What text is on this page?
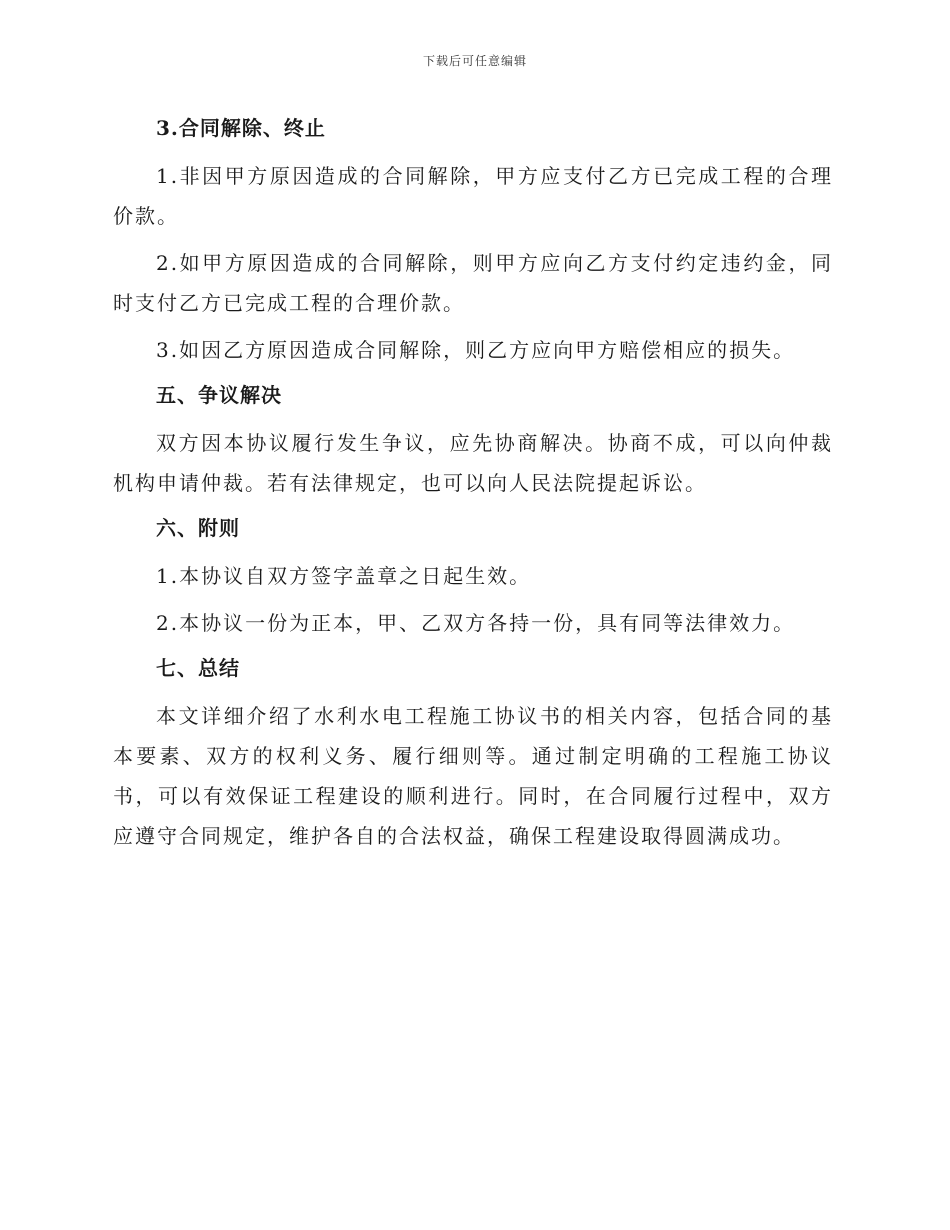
下载后可任意编辑
3.合同解除、终止

1.非因甲方原因造成的合同解除，甲方应支付乙方已完成工程的合理价款。

2.如甲方原因造成的合同解除，则甲方应向乙方支付约定违约金，同时支付乙方已完成工程的合理价款。

3.如因乙方原因造成合同解除，则乙方应向甲方赔偿相应的损失。

五、争议解决

双方因本协议履行发生争议，应先协商解决。协商不成，可以向仲裁机构申请仲裁。若有法律规定，也可以向人民法院提起诉讼。

六、附则

1.本协议自双方签字盖章之日起生效。

2.本协议一份为正本，甲、乙双方各持一份，具有同等法律效力。

七、总结

本文详细介绍了水利水电工程施工协议书的相关内容，包括合同的基本要素、双方的权利义务、履行细则等。通过制定明确的工程施工协议书，可以有效保证工程建设的顺利进行。同时，在合同履行过程中，双方应遵守合同规定，维护各自的合法权益，确保工程建设取得圆满成功。
